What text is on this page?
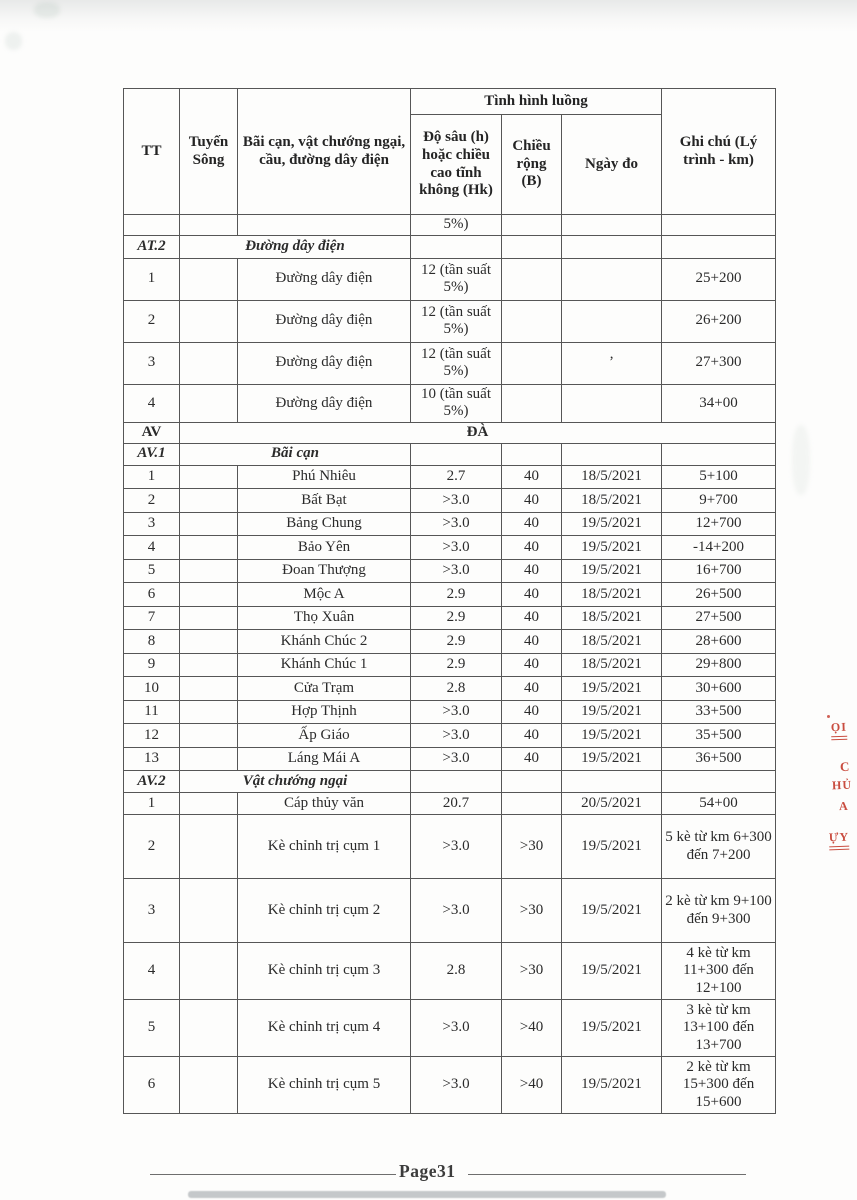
TT	Tuyến Sông	Bãi cạn, vật chướng ngại, cầu, đường dây điện	Tình hình luồng			Ghi chú (Lý trình - km)
			Độ sâu (h) hoặc chiều cao tĩnh không (Hk)	Chiều rộng (B)	Ngày đo	
			5%)			
AT.2	Đường dây điện					
1		Đường dây điện	12 (tần suất 5%)			25+200
2		Đường dây điện	12 (tần suất 5%)			26+200
3		Đường dây điện	12 (tần suất 5%)		’	27+300
4		Đường dây điện	10 (tần suất 5%)			34+00
AV	ĐÀ					
AV.1	Bãi cạn					
1		Phú Nhiêu	2.7	40	18/5/2021	5+100
2		Bất Bạt	>3.0	40	18/5/2021	9+700
3		Bảng Chung	>3.0	40	19/5/2021	12+700
4		Bảo Yên	>3.0	40	19/5/2021	-14+200
5		Đoan Thượng	>3.0	40	19/5/2021	16+700
6		Mộc A	2.9	40	18/5/2021	26+500
7		Thọ Xuân	2.9	40	18/5/2021	27+500
8		Khánh Chúc 2	2.9	40	18/5/2021	28+600
9		Khánh Chúc 1	2.9	40	18/5/2021	29+800
10		Cửa Trạm	2.8	40	19/5/2021	30+600
11		Hợp Thịnh	>3.0	40	19/5/2021	33+500
12		Ấp Giáo	>3.0	40	19/5/2021	35+500
13		Láng Mái A	>3.0	40	19/5/2021	36+500
AV.2	Vật chướng ngại					
1		Cáp thủy văn	20.7		20/5/2021	54+00
2		Kè chỉnh trị cụm 1	>3.0	>30	19/5/2021	5 kè từ km 6+300 đến 7+200
3		Kè chỉnh trị cụm 2	>3.0	>30	19/5/2021	2 kè từ km 9+100 đến 9+300
4		Kè chỉnh trị cụm 3	2.8	>30	19/5/2021	4 kè từ km 11+300 đến 12+100
5		Kè chỉnh trị cụm 4	>3.0	>40	19/5/2021	3 kè từ km 13+100 đến 13+700
6		Kè chỉnh trị cụm 5	>3.0	>40	19/5/2021	2 kè từ km 15+300 đến 15+600
ỌI
C
HỦ
A
ỰY
Page31
